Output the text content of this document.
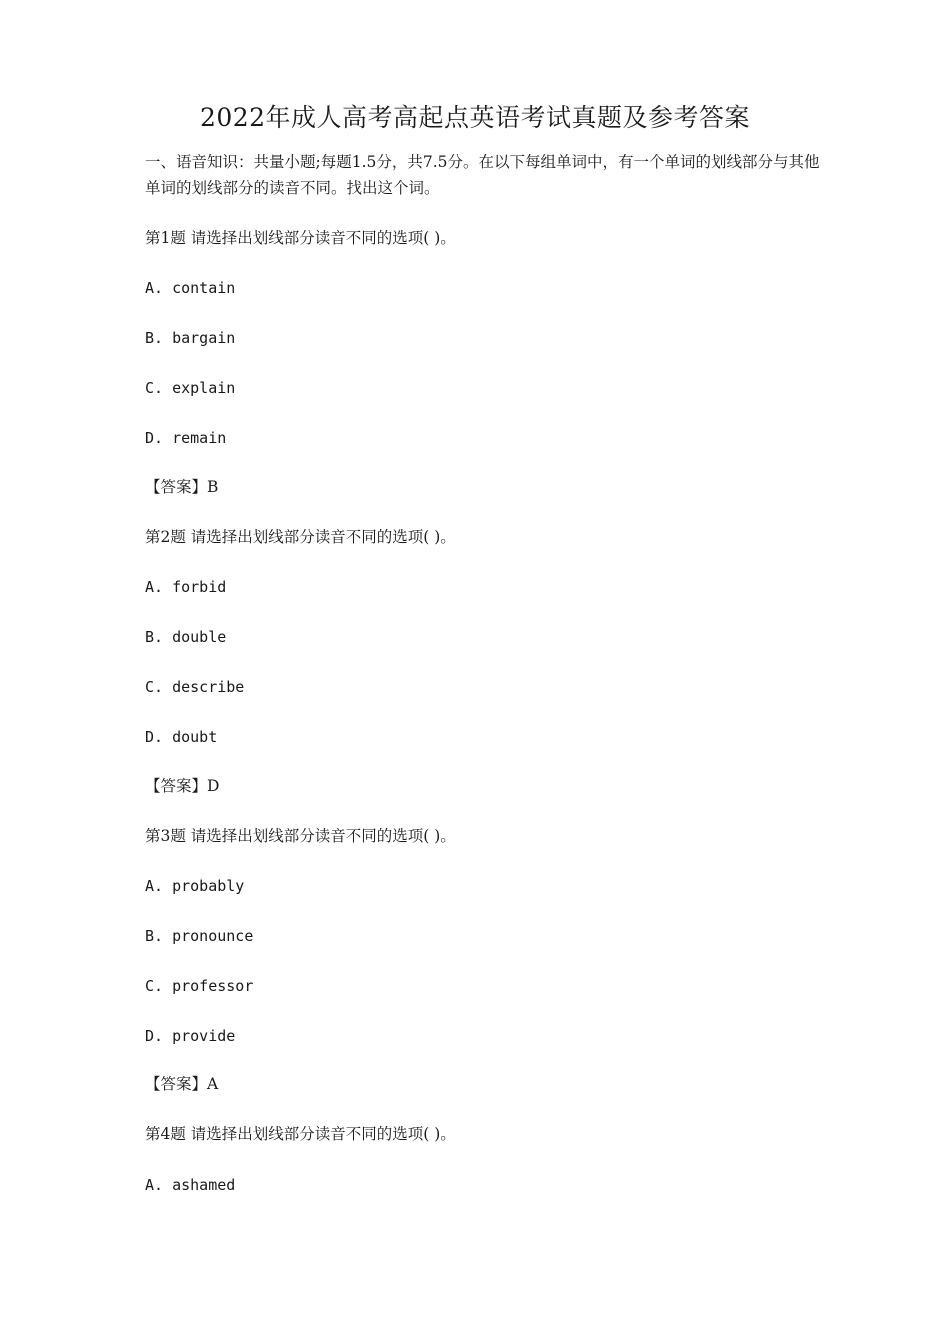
2022年成人高考高起点英语考试真题及参考答案
一、语音知识：共量小题;每题1.5分，共7.5分。在以下每组单词中，有一个单词的划线部分与其他单词的划线部分的读音不同。找出这个词。
第1题 请选择出划线部分读音不同的选项( )。
A. contain
B. bargain
C. explain
D. remain
【答案】B
第2题 请选择出划线部分读音不同的选项( )。
A. forbid
B. double
C. describe
D. doubt
【答案】D
第3题 请选择出划线部分读音不同的选项( )。
A. probably
B. pronounce
C. professor
D. provide
【答案】A
第4题 请选择出划线部分读音不同的选项( )。
A. ashamed
